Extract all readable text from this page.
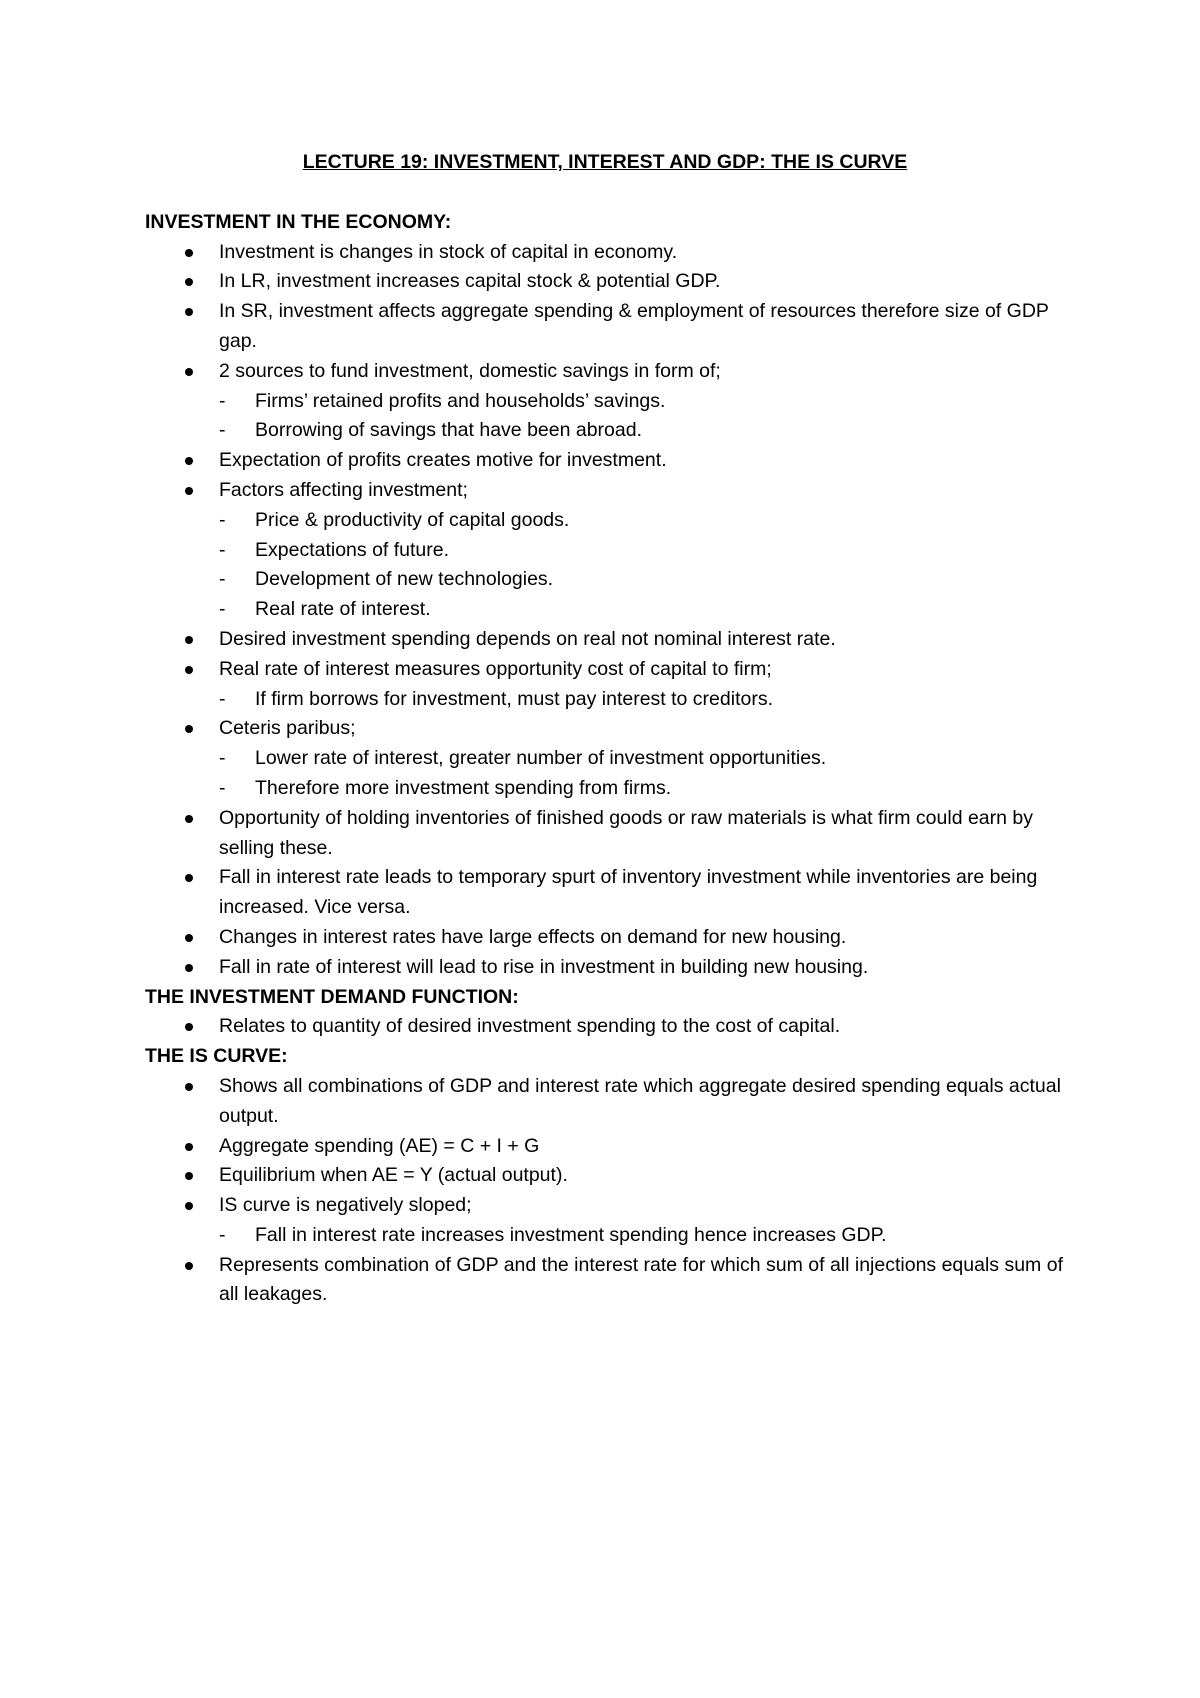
LECTURE 19: INVESTMENT, INTEREST AND GDP: THE IS CURVE
INVESTMENT IN THE ECONOMY:
Investment is changes in stock of capital in economy.
In LR, investment increases capital stock & potential GDP.
In SR, investment affects aggregate spending & employment of resources therefore size of GDP gap.
2 sources to fund investment, domestic savings in form of;
- Firms’ retained profits and households’ savings.
- Borrowing of savings that have been abroad.
Expectation of profits creates motive for investment.
Factors affecting investment;
- Price & productivity of capital goods.
- Expectations of future.
- Development of new technologies.
- Real rate of interest.
Desired investment spending depends on real not nominal interest rate.
Real rate of interest measures opportunity cost of capital to firm;
- If firm borrows for investment, must pay interest to creditors.
Ceteris paribus;
- Lower rate of interest, greater number of investment opportunities.
- Therefore more investment spending from firms.
Opportunity of holding inventories of finished goods or raw materials is what firm could earn by selling these.
Fall in interest rate leads to temporary spurt of inventory investment while inventories are being increased. Vice versa.
Changes in interest rates have large effects on demand for new housing.
Fall in rate of interest will lead to rise in investment in building new housing.
THE INVESTMENT DEMAND FUNCTION:
Relates to quantity of desired investment spending to the cost of capital.
THE IS CURVE:
Shows all combinations of GDP and interest rate which aggregate desired spending equals actual output.
Aggregate spending (AE) = C + I + G
Equilibrium when AE = Y (actual output).
IS curve is negatively sloped;
- Fall in interest rate increases investment spending hence increases GDP.
Represents combination of GDP and the interest rate for which sum of all injections equals sum of all leakages.
